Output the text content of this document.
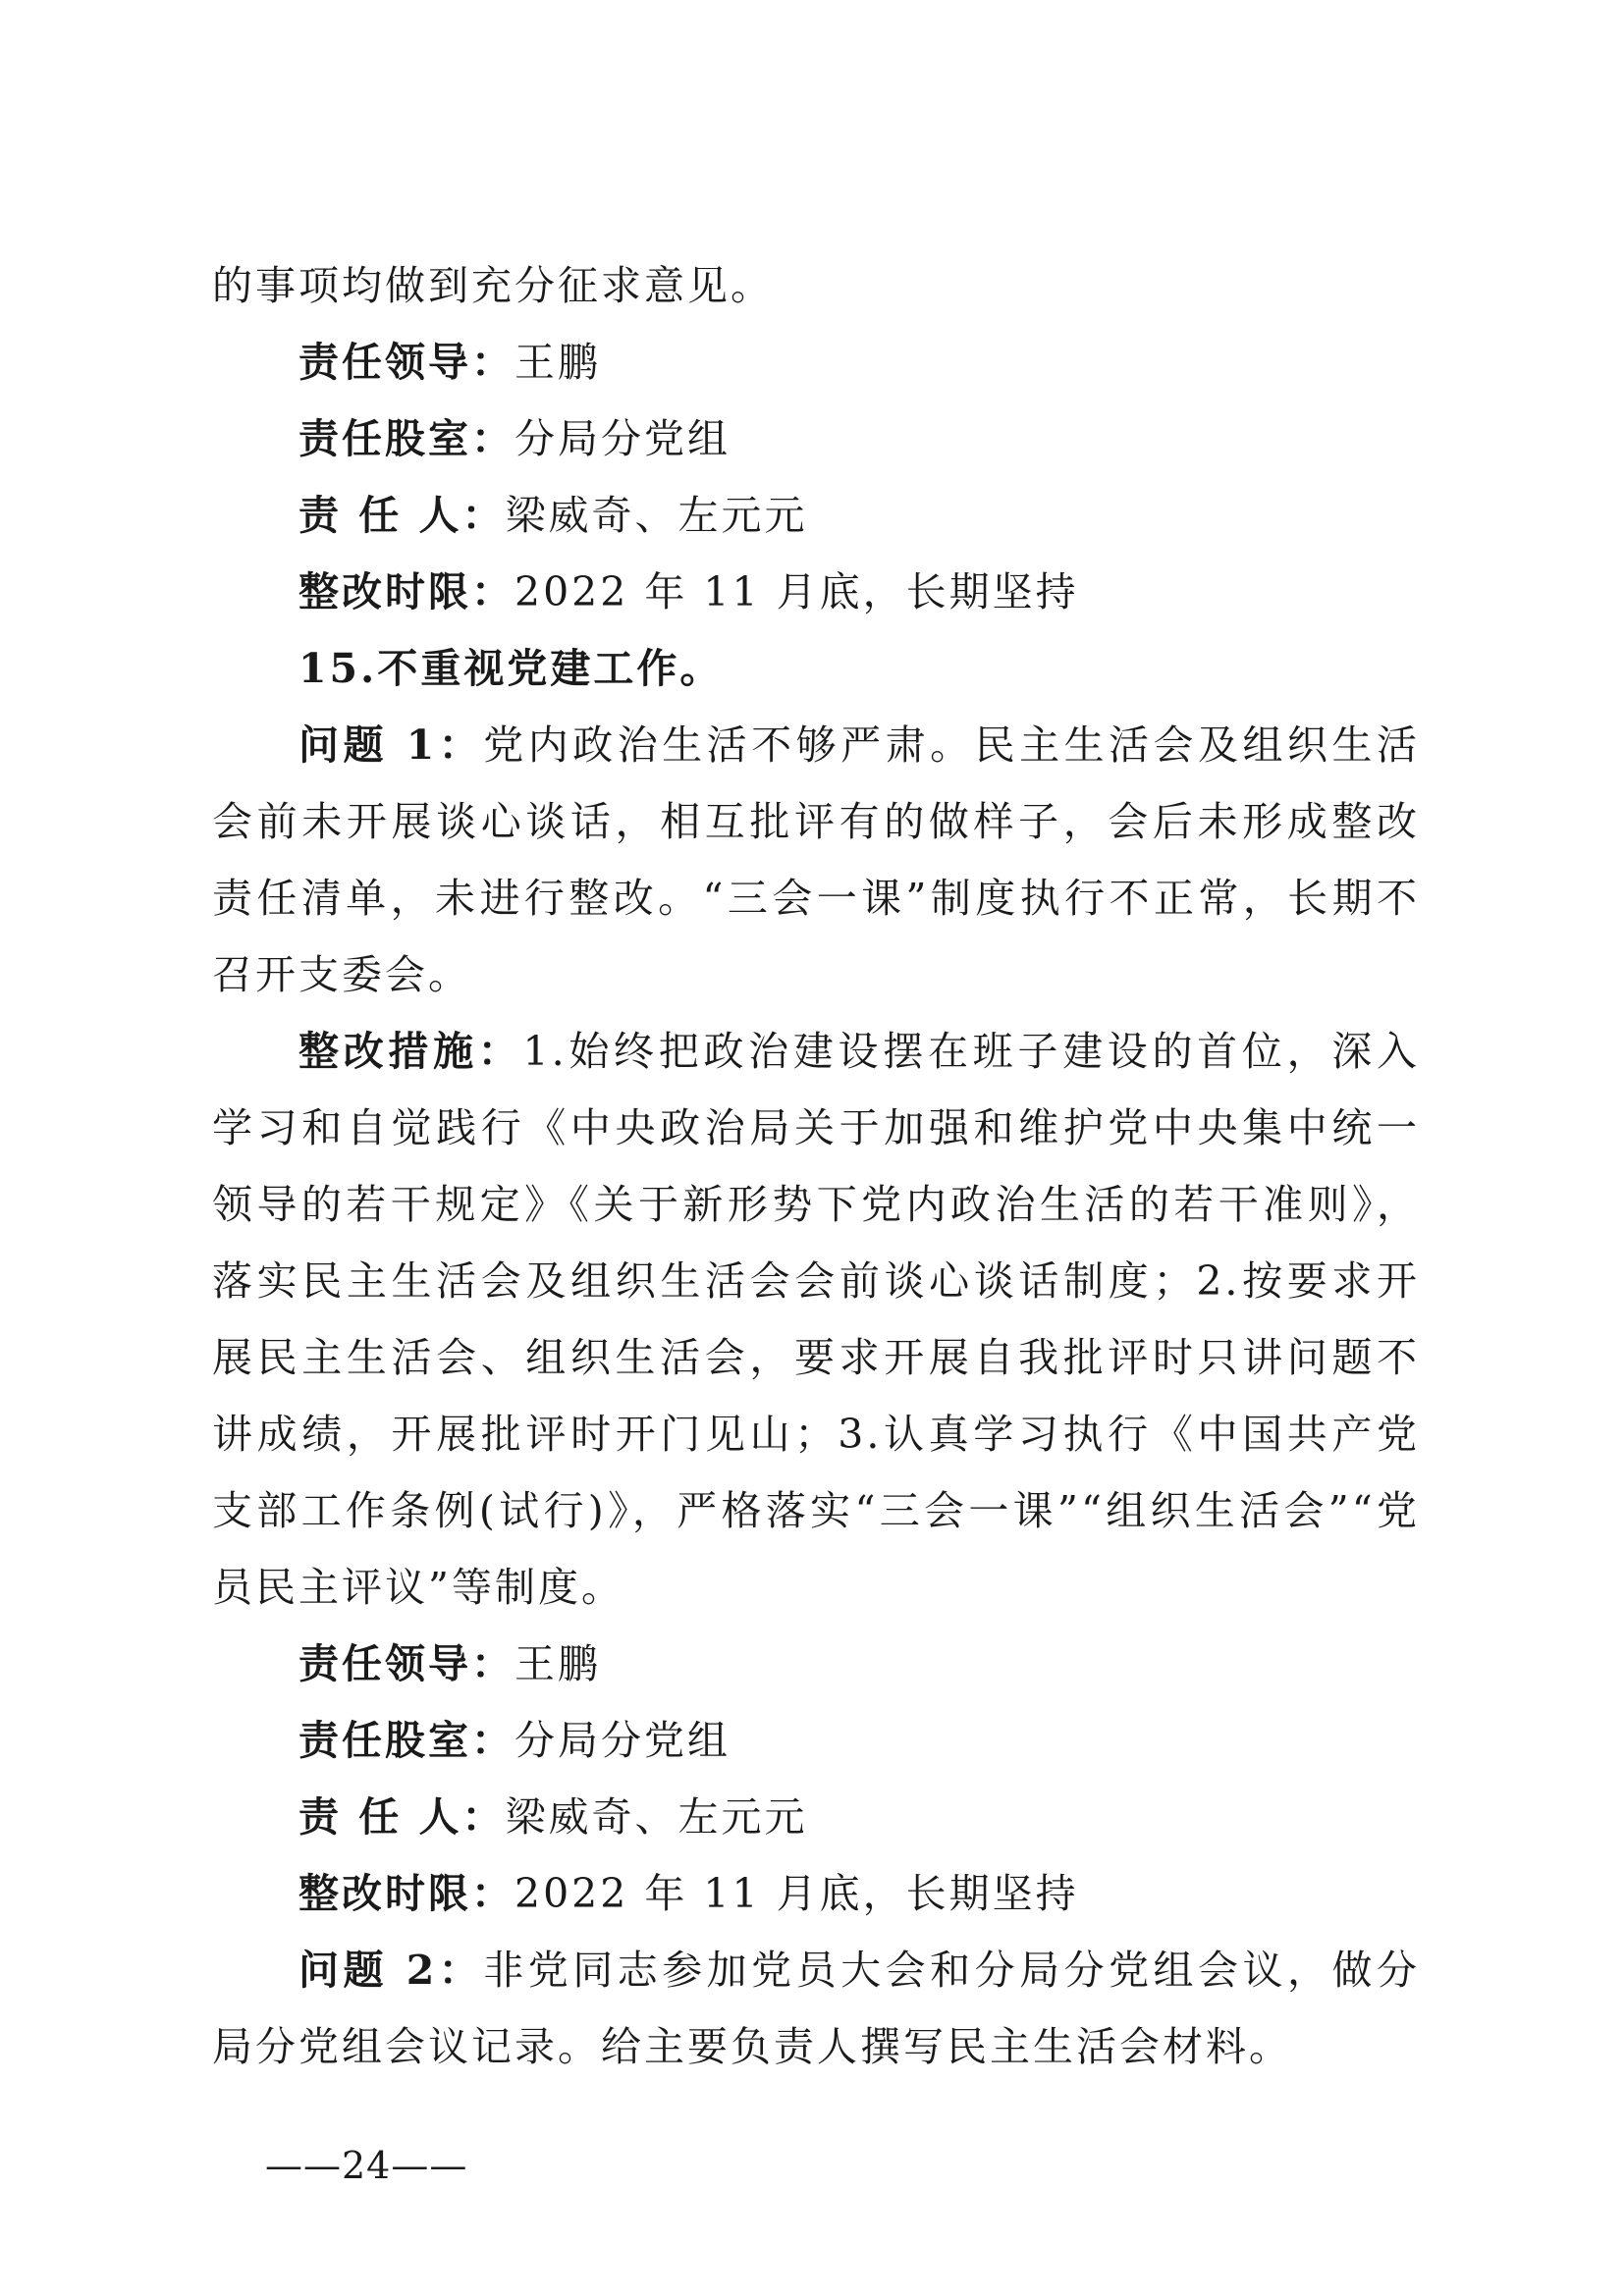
的事项均做到充分征求意见。

责任领导：王鹏

责任股室：分局分党组

责 任 人：梁威奇、左元元

整改时限：2022 年 11 月底，长期坚持

15.不重视党建工作。

问题 1：党内政治生活不够严肃。民主生活会及组织生活会前未开展谈心谈话，相互批评有的做样子，会后未形成整改责任清单，未进行整改。“三会一课”制度执行不正常，长期不召开支委会。

整改措施：1.始终把政治建设摆在班子建设的首位，深入学习和自觉践行《中央政治局关于加强和维护党中央集中统一领导的若干规定》《关于新形势下党内政治生活的若干准则》，落实民主生活会及组织生活会会前谈心谈话制度；2.按要求开展民主生活会、组织生活会，要求开展自我批评时只讲问题不讲成绩，开展批评时开门见山；3.认真学习执行《中国共产党支部工作条例(试行)》，严格落实“三会一课”“组织生活会”“党员民主评议”等制度。

责任领导：王鹏

责任股室：分局分党组

责 任 人：梁威奇、左元元

整改时限：2022 年 11 月底，长期坚持

问题 2：非党同志参加党员大会和分局分党组会议，做分局分党组会议记录。给主要负责人撰写民主生活会材料。

——24——
